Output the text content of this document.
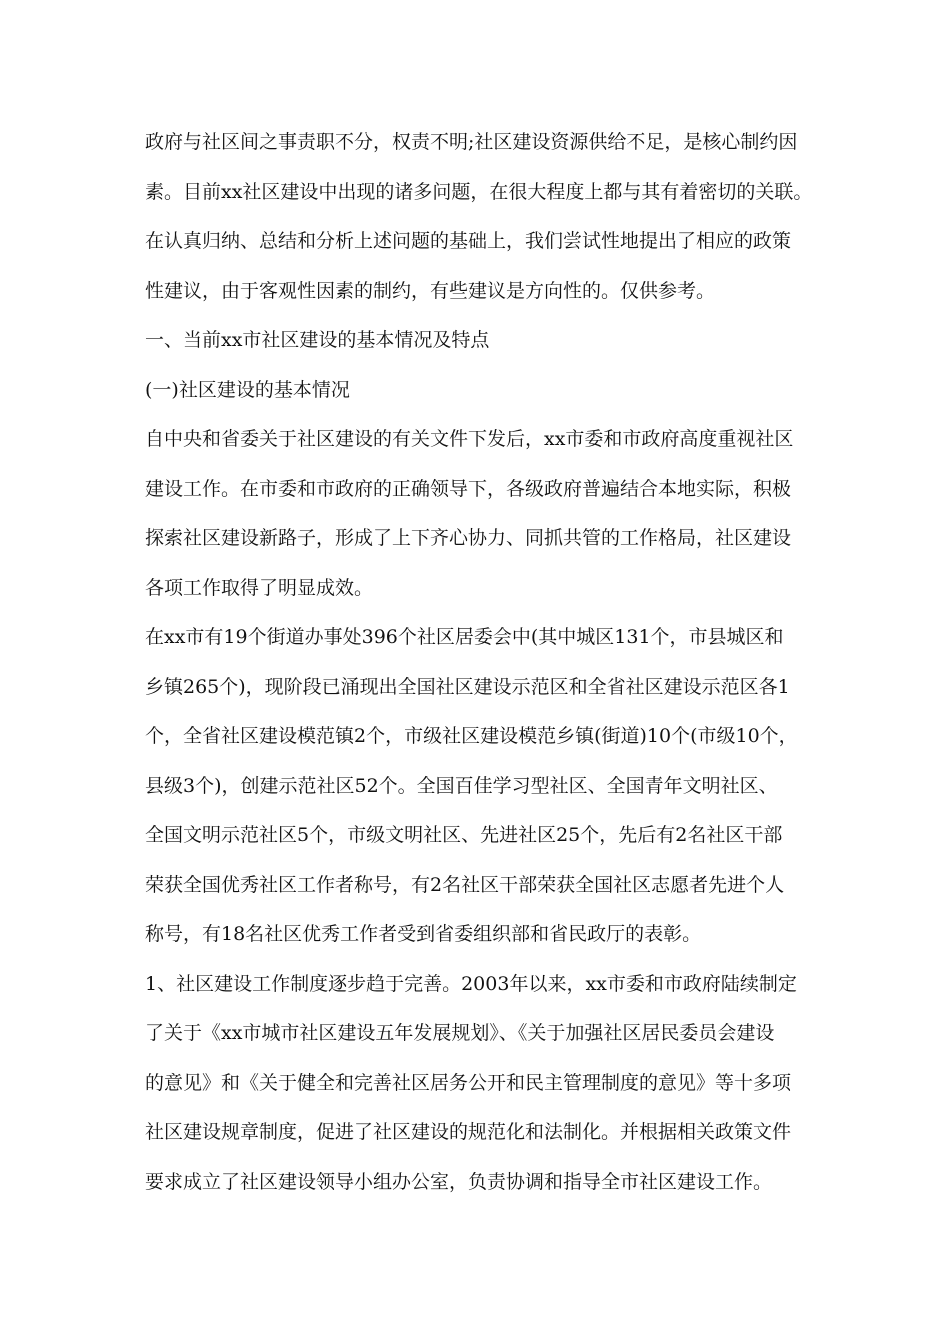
政府与社区间之事责职不分，权责不明;社区建设资源供给不足，是核心制约因
素。目前xx社区建设中出现的诸多问题，在很大程度上都与其有着密切的关联。
在认真归纳、总结和分析上述问题的基础上，我们尝试性地提出了相应的政策
性建议，由于客观性因素的制约，有些建议是方向性的。仅供参考。
一、当前xx市社区建设的基本情况及特点
(一)社区建设的基本情况
自中央和省委关于社区建设的有关文件下发后，xx市委和市政府高度重视社区
建设工作。在市委和市政府的正确领导下，各级政府普遍结合本地实际，积极
探索社区建设新路子，形成了上下齐心协力、同抓共管的工作格局，社区建设
各项工作取得了明显成效。
在xx市有19个街道办事处396个社区居委会中(其中城区131个，市县城区和
乡镇265个)，现阶段已涌现出全国社区建设示范区和全省社区建设示范区各1
个，全省社区建设模范镇2个，市级社区建设模范乡镇(街道)10个(市级10个，
县级3个)，创建示范社区52个。全国百佳学习型社区、全国青年文明社区、
全国文明示范社区5个，市级文明社区、先进社区25个，先后有2名社区干部
荣获全国优秀社区工作者称号，有2名社区干部荣获全国社区志愿者先进个人
称号，有18名社区优秀工作者受到省委组织部和省民政厅的表彰。
1、社区建设工作制度逐步趋于完善。2003年以来，xx市委和市政府陆续制定
了关于《xx市城市社区建设五年发展规划》、《关于加强社区居民委员会建设
的意见》和《关于健全和完善社区居务公开和民主管理制度的意见》等十多项
社区建设规章制度，促进了社区建设的规范化和法制化。并根据相关政策文件
要求成立了社区建设领导小组办公室，负责协调和指导全市社区建设工作。
